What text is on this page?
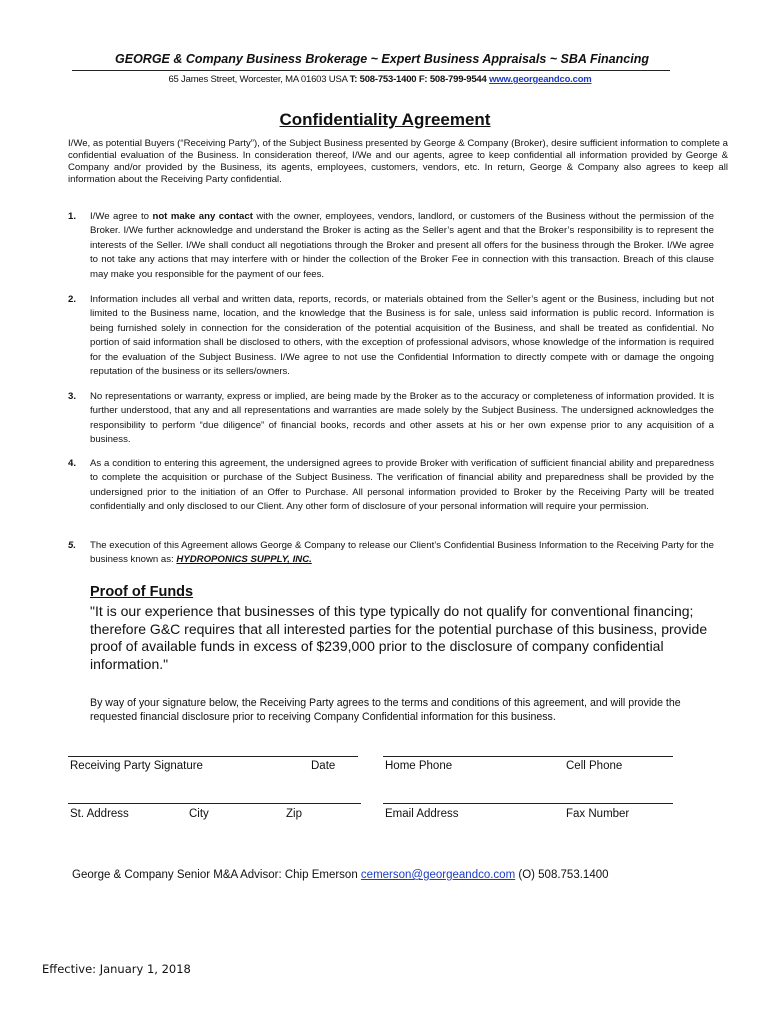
GEORGE & Company Business Brokerage ~ Expert Business Appraisals ~ SBA Financing
65 James Street, Worcester, MA 01603 USA T: 508-753-1400 F: 508-799-9544 www.georgeandco.com
Confidentiality Agreement
I/We, as potential Buyers (“Receiving Party”), of the Subject Business presented by George & Company (Broker), desire sufficient information to complete a confidential evaluation of the Business. In consideration thereof, I/We and our agents, agree to keep confidential all information provided by George & Company and/or provided by the Business, its agents, employees, customers, vendors, etc. In return, George & Company also agrees to keep all information about the Receiving Party confidential.
1.	I/We agree to not make any contact with the owner, employees, vendors, landlord, or customers of the Business without the permission of the Broker. I/We further acknowledge and understand the Broker is acting as the Seller’s agent and that the Broker’s responsibility is to represent the interests of the Seller. I/We shall conduct all negotiations through the Broker and present all offers for the business through the Broker. I/We agree to not take any actions that may interfere with or hinder the collection of the Broker Fee in connection with this transaction. Breach of this clause may make you responsible for the payment of our fees.
2.	Information includes all verbal and written data, reports, records, or materials obtained from the Seller’s agent or the Business, including but not limited to the Business name, location, and the knowledge that the Business is for sale, unless said information is public record. Information is being furnished solely in connection for the consideration of the potential acquisition of the Business, and shall be treated as confidential. No portion of said information shall be disclosed to others, with the exception of professional advisors, whose knowledge of the information is required for the evaluation of the Subject Business. I/We agree to not use the Confidential Information to directly compete with or damage the ongoing reputation of the business or its sellers/owners.
3.	No representations or warranty, express or implied, are being made by the Broker as to the accuracy or completeness of information provided. It is further understood, that any and all representations and warranties are made solely by the Subject Business. The undersigned acknowledges the responsibility to perform “due diligence” of financial books, records and other assets at his or her own expense prior to any acquisition of a business.
4.	As a condition to entering this agreement, the undersigned agrees to provide Broker with verification of sufficient financial ability and preparedness to complete the acquisition or purchase of the Subject Business. The verification of financial ability and preparedness shall be provided by the undersigned prior to the initiation of an Offer to Purchase. All personal information provided to Broker by the Receiving Party will be treated confidentially and only disclosed to our Client. Any other form of disclosure of your personal information will require your permission.
5.	The execution of this Agreement allows George & Company to release our Client’s Confidential Business Information to the Receiving Party for the business known as: HYDROPONICS SUPPLY, INC.
Proof of Funds
"It is our experience that businesses of this type typically do not qualify for conventional financing; therefore G&C requires that all interested parties for the potential purchase of this business, provide proof of available funds in excess of $239,000 prior to the disclosure of company confidential information."
By way of your signature below, the Receiving Party agrees to the terms and conditions of this agreement, and will provide the requested financial disclosure prior to receiving Company Confidential information for this business.
Receiving Party Signature	Date	Home Phone	Cell Phone
St. Address	City	Zip	Email Address	Fax Number
George & Company Senior M&A Advisor: Chip Emerson cemerson@georgeandco.com (O) 508.753.1400
Effective: January 1, 2018
